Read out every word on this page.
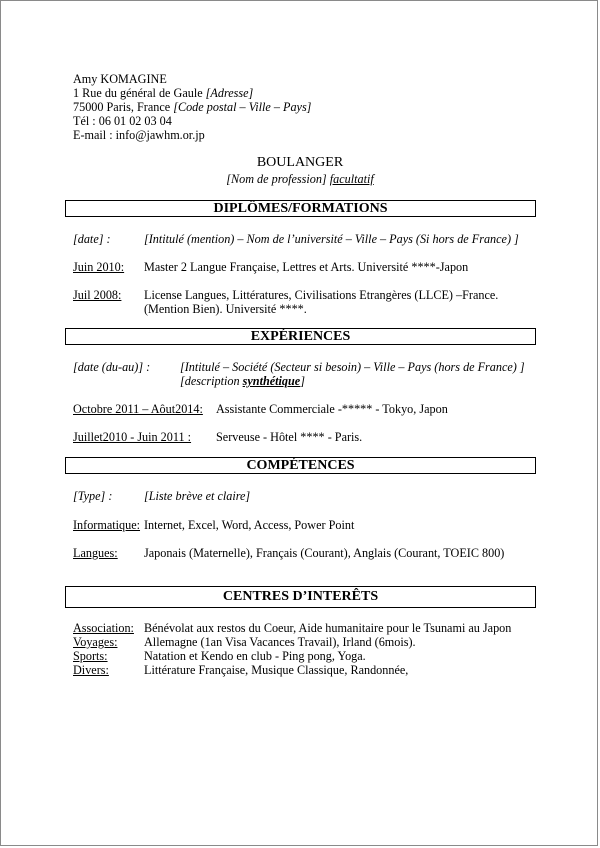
Amy KOMAGINE
1 Rue du général de Gaule [Adresse]
75000 Paris, France [Code postal – Ville – Pays]
Tél : 06 01 02 03 04
E-mail : info@jawhm.or.jp
BOULANGER
[Nom de profession] facultatif
DIPLÔMES/FORMATIONS
[date] :	[Intitulé (mention) – Nom de l’université – Ville – Pays (Si hors de France) ]
Juin 2010: Master 2 Langue Française, Lettres et Arts. Université ****-Japon
Juil 2008: License Langues, Littératures, Civilisations Etrangères (LLCE) –France.
(Mention Bien). Université ****.
EXPÉRIENCES
[date (du-au)] : [Intitulé – Société (Secteur si besoin) – Ville – Pays (hors de France) ]
[description synthétique]
Octobre 2011 – Aôut2014: Assistante Commerciale -***** - Tokyo, Japon
Juillet2010 - Juin 2011 : Serveuse - Hôtel **** - Paris.
COMPÉTENCES
[Type] :	[Liste brève et claire]
Informatique: Internet, Excel, Word, Access, Power Point
Langues: Japonais (Maternelle), Français (Courant), Anglais (Courant, TOEIC 800)
CENTRES D’INTERÊTS
Association: Bénévolat aux restos du Coeur, Aide humanitaire pour le Tsunami au Japon
Voyages: Allemagne (1an Visa Vacances Travail), Irland (6mois).
Sports:	Natation et Kendo en club - Ping pong, Yoga.
Divers:	Littérature Française, Musique Classique, Randonnée,
